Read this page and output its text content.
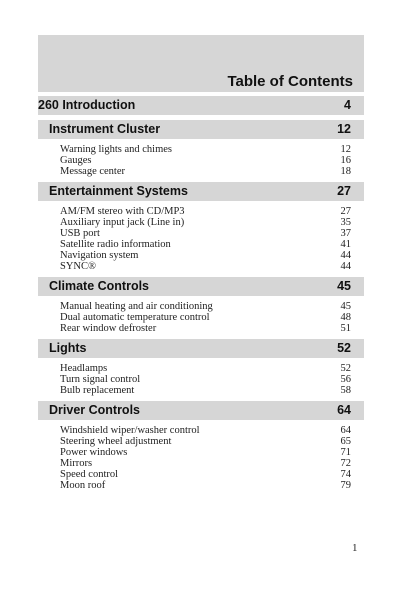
Table of Contents
260 Introduction	4
Instrument Cluster	12
Warning lights and chimes	12
Gauges	16
Message center	18
Entertainment Systems	27
AM/FM stereo with CD/MP3	27
Auxiliary input jack (Line in)	35
USB port	37
Satellite radio information	41
Navigation system	44
SYNC®	44
Climate Controls	45
Manual heating and air conditioning	45
Dual automatic temperature control	48
Rear window defroster	51
Lights	52
Headlamps	52
Turn signal control	56
Bulb replacement	58
Driver Controls	64
Windshield wiper/washer control	64
Steering wheel adjustment	65
Power windows	71
Mirrors	72
Speed control	74
Moon roof	79
1
